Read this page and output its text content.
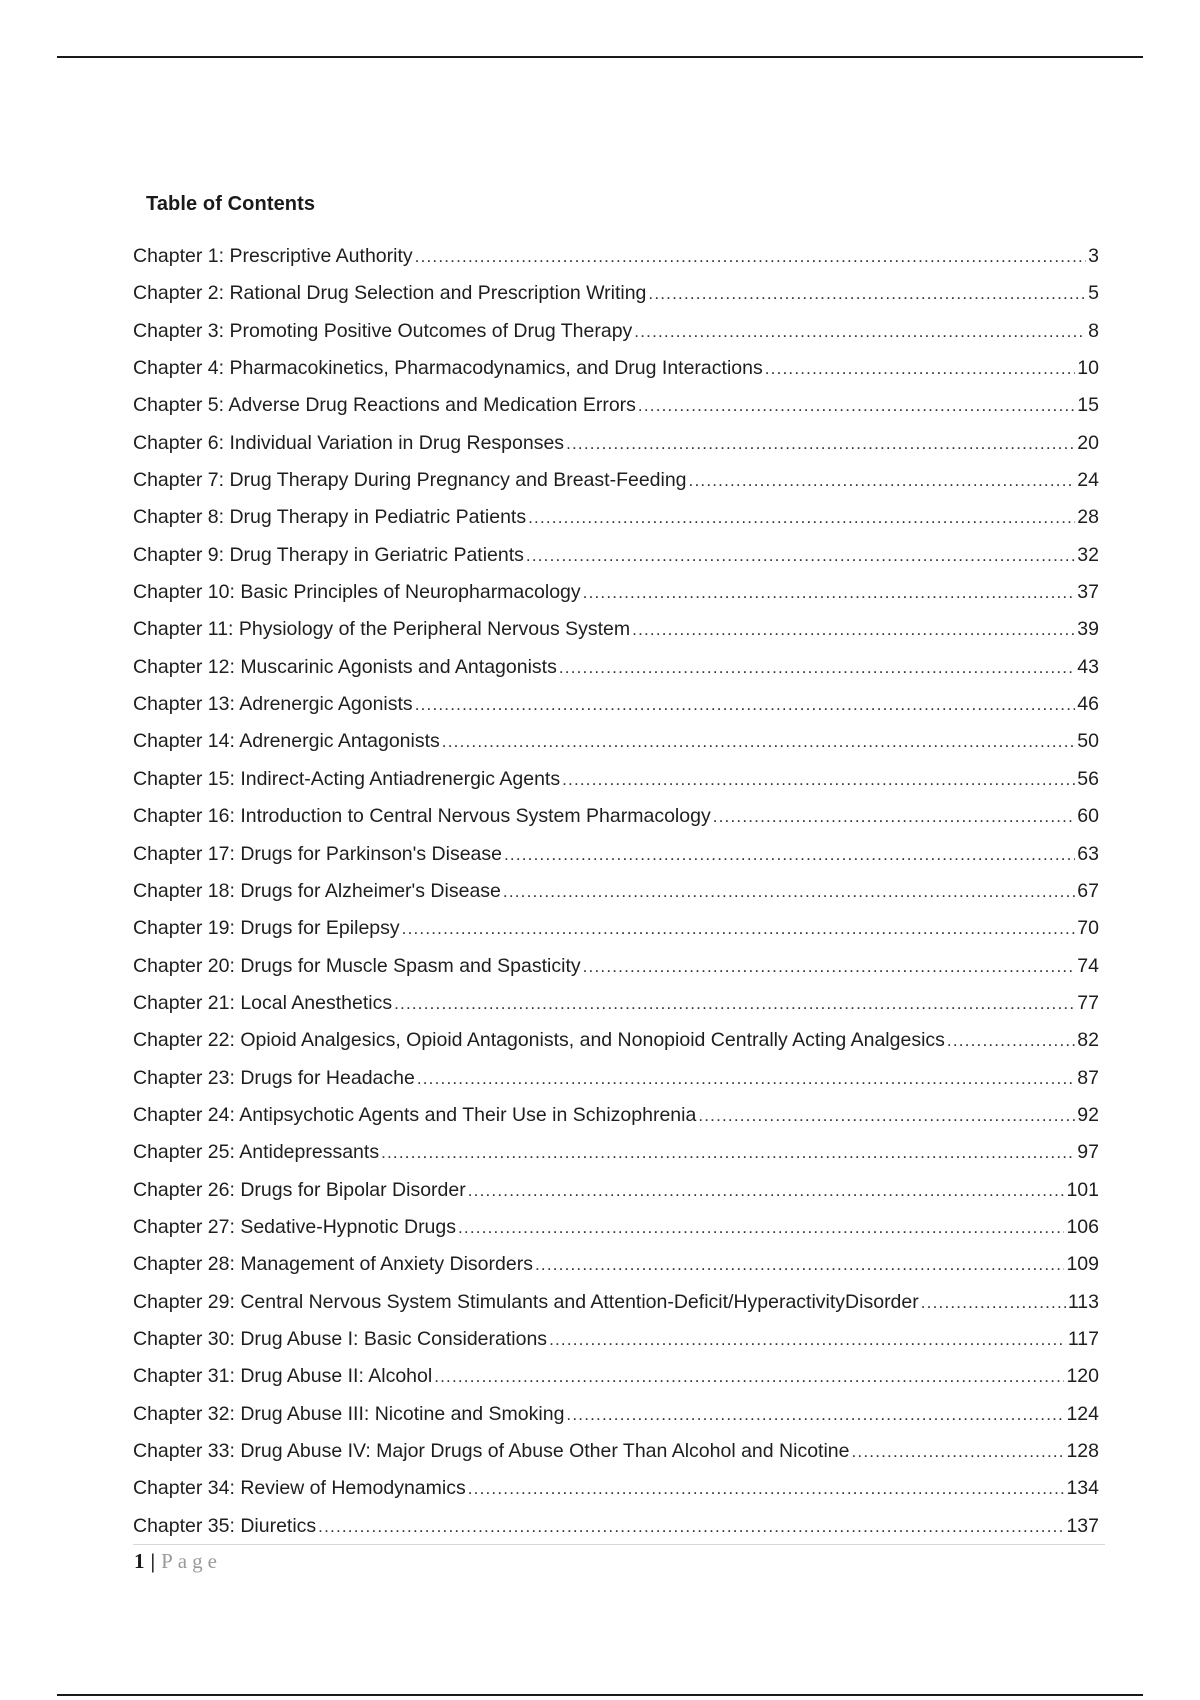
Table of Contents
Chapter 1: Prescriptive Authority .....	3
Chapter 2: Rational Drug Selection and Prescription Writing .....	5
Chapter 3: Promoting Positive Outcomes of Drug Therapy .....	8
Chapter 4: Pharmacokinetics, Pharmacodynamics, and Drug Interactions .....	10
Chapter 5: Adverse Drug Reactions and Medication Errors .....	15
Chapter 6: Individual Variation in Drug Responses .....	20
Chapter 7: Drug Therapy During Pregnancy and Breast-Feeding .....	24
Chapter 8: Drug Therapy in Pediatric Patients .....	28
Chapter 9: Drug Therapy in Geriatric Patients .....	32
Chapter 10: Basic Principles of Neuropharmacology .....	37
Chapter 11: Physiology of the Peripheral Nervous System .....	39
Chapter 12: Muscarinic Agonists and Antagonists .....	43
Chapter 13: Adrenergic Agonists .....	46
Chapter 14: Adrenergic Antagonists .....	50
Chapter 15: Indirect-Acting Antiadrenergic Agents .....	56
Chapter 16: Introduction to Central Nervous System Pharmacology .....	60
Chapter 17: Drugs for Parkinson's Disease .....	63
Chapter 18: Drugs for Alzheimer's Disease .....	67
Chapter 19: Drugs for Epilepsy .....	70
Chapter 20: Drugs for Muscle Spasm and Spasticity .....	74
Chapter 21: Local Anesthetics .....	77
Chapter 22: Opioid Analgesics, Opioid Antagonists, and Nonopioid Centrally Acting Analgesics .....	82
Chapter 23: Drugs for Headache .....	87
Chapter 24: Antipsychotic Agents and Their Use in Schizophrenia .....	92
Chapter 25: Antidepressants .....	97
Chapter 26: Drugs for Bipolar Disorder .....	101
Chapter 27: Sedative-Hypnotic Drugs .....	106
Chapter 28: Management of Anxiety Disorders .....	109
Chapter 29: Central Nervous System Stimulants and Attention-Deficit/HyperactivityDisorder .....	113
Chapter 30: Drug Abuse I: Basic Considerations .....	117
Chapter 31: Drug Abuse II: Alcohol .....	120
Chapter 32: Drug Abuse III: Nicotine and Smoking .....	124
Chapter 33: Drug Abuse IV: Major Drugs of Abuse Other Than Alcohol and Nicotine .....	128
Chapter 34: Review of Hemodynamics .....	134
Chapter 35: Diuretics .....	137
1 | Page
